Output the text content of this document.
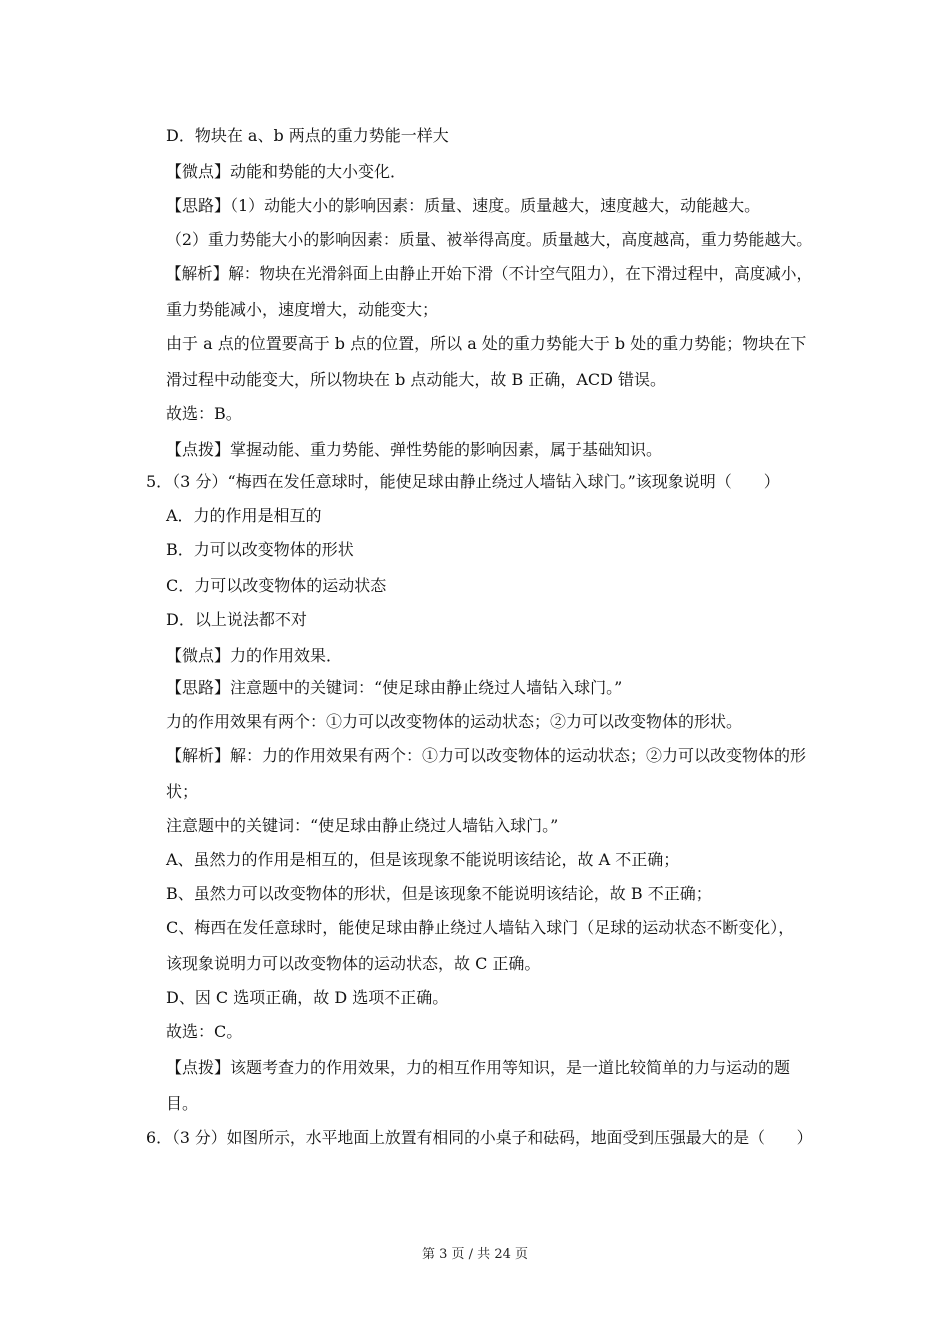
D．物块在 a、b 两点的重力势能一样大
【微点】动能和势能的大小变化．
【思路】（1）动能大小的影响因素：质量、速度。质量越大，速度越大，动能越大。
（2）重力势能大小的影响因素：质量、被举得高度。质量越大，高度越高，重力势能越大。
【解析】解：物块在光滑斜面上由静止开始下滑（不计空气阻力），在下滑过程中，高度减小，
重力势能减小，速度增大，动能变大；
由于 a 点的位置要高于 b 点的位置，所以 a 处的重力势能大于 b 处的重力势能；物块在下
滑过程中动能变大，所以物块在 b 点动能大，故 B 正确，ACD 错误。
故选：B。
【点拨】掌握动能、重力势能、弹性势能的影响因素，属于基础知识。
5．（3 分）“梅西在发任意球时，能使足球由静止绕过人墙钻入球门。”该现象说明（　　）
A．力的作用是相互的
B．力可以改变物体的形状
C．力可以改变物体的运动状态
D．以上说法都不对
【微点】力的作用效果．
【思路】注意题中的关键词：“使足球由静止绕过人墙钻入球门。”
力的作用效果有两个：①力可以改变物体的运动状态；②力可以改变物体的形状。
【解析】解：力的作用效果有两个：①力可以改变物体的运动状态；②力可以改变物体的形
状；
注意题中的关键词：“使足球由静止绕过人墙钻入球门。”
A、虽然力的作用是相互的，但是该现象不能说明该结论，故 A 不正确；
B、虽然力可以改变物体的形状，但是该现象不能说明该结论，故 B 不正确；
C、梅西在发任意球时，能使足球由静止绕过人墙钻入球门（足球的运动状态不断变化），
该现象说明力可以改变物体的运动状态，故 C 正确。
D、因 C 选项正确，故 D 选项不正确。
故选：C。
【点拨】该题考查力的作用效果，力的相互作用等知识，是一道比较简单的力与运动的题
目。
6．（3 分）如图所示，水平地面上放置有相同的小桌子和砝码，地面受到压强最大的是（　　）
第 3 页 / 共 24 页
